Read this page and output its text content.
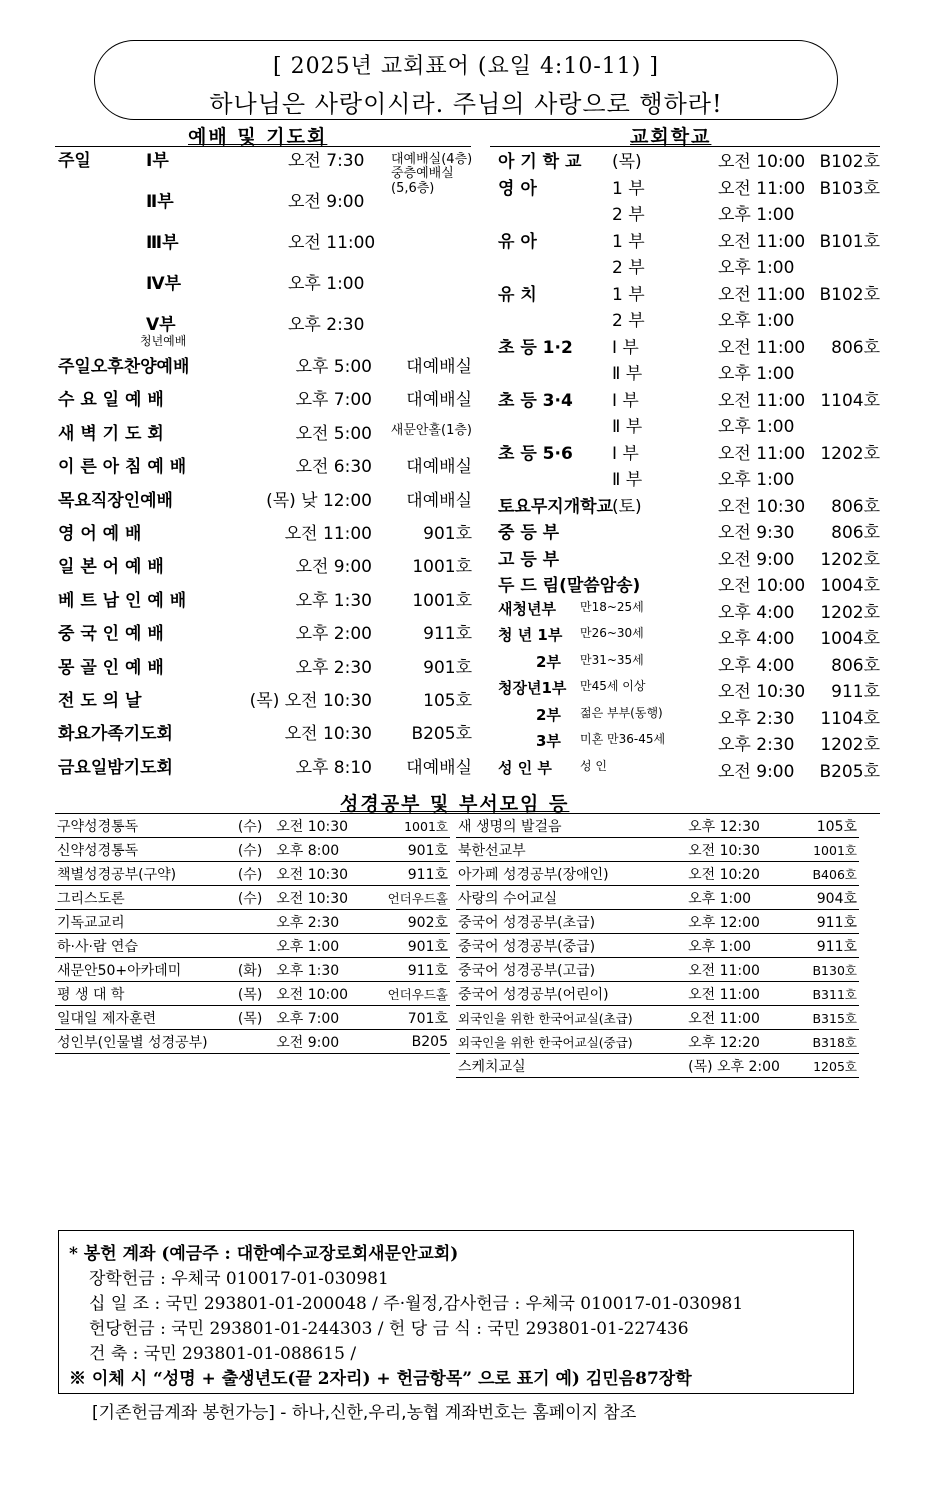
[ 2025년 교회표어 (요일 4:10-11) ]
하나님은 사랑이시라. 주님의 사랑으로 행하라!
예배 및 기도회
주일	Ⅰ부	오전 7:30 대예배실(4층)
중층예배실 (5,6층)
Ⅱ부	오전 9:00
Ⅲ부	오전 11:00
Ⅳ부	오후 1:00
Ⅴ부	오후 2:30
청년예배
주일오후찬양예배	오후 5:00 대예배실
수 요 일 예 배	오후 7:00 대예배실
새 벽 기 도 회	오전 5:00 새문안홀(1층)
이 른 아 침 예 배	오전 6:30 대예배실
목요직장인예배	(목) 낮 12:00 대예배실
영 어 예 배	오전 11:00	901호
일 본 어 예 배	오전 9:00 1001호
베 트 남 인 예 배	오후 1:30 1001호
중 국 인 예 배	오후 2:00	911호
몽 골 인 예 배	오후 2:30	901호
전 도 의 날	(목) 오전 10:30	105호
화요가족기도회	오전 10:30 B205호
금요일밤기도회	오후 8:10 대예배실
교회학교
아 기 학 교 (목)	오전 10:00 B102호
영 아	1 부	오전 11:00 B103호
2 부	오후 1:00
유 아	1 부	오전 11:00 B101호
2 부	오후 1:00
유 치	1 부	오전 11:00 B102호
2 부	오후 1:00
초 등 1·2 Ⅰ 부	오전 11:00 806호
Ⅱ 부	오후 1:00
초 등 3·4 Ⅰ 부	오전 11:00 1104호
Ⅱ 부	오후 1:00
초 등 5·6 Ⅰ 부	오전 11:00 1202호
Ⅱ 부	오후 1:00
토요무지개학교 (토)	오전 10:30 806호
중 등 부	오전 9:30 806호
고 등 부	오전 9:00 1202호
두 드 림(말씀암송)	오전 10:00 1004호
새청년부 만18~25세	오후 4:00 1202호
청 년 1부 만26~30세	오후 4:00 1004호
2부 만31~35세	오후 4:00 806호
청장년1부 만45세 이상	오전 10:30 911호
2부 젊은 부부(동행)	오후 2:30 1104호
3부 미혼 만36-45세	오후 2:30 1202호
성 인 부 성 인	오전 9:00 B205호
성경공부 및 부서모임 등
구약성경통독	(수)	오전 10:30	1001호
신약성경통독	(수)	오후 8:00	901호
책별성경공부(구약)	(수)	오전 10:30	911호
그리스도론	(수)	오전 10:30	언더우드홀
기독교교리		오후 2:30	902호
하·사·람 연습		오후 1:00	901호
새문안50+아카데미	(화)	오후 1:30	911호
평 생 대 학	(목)	오전 10:00	언더우드홀
일대일 제자훈련	(목)	오후 7:00	701호
성인부(인물별 성경공부)		오전 9:00	B205
새 생명의 발걸음		오후 12:30	105호
북한선교부		오전 10:30	1001호
아가페 성경공부(장애인)		오전 10:20	B406호
사랑의 수어교실		오후 1:00	904호
중국어 성경공부(초급)		오후 12:00	911호
중국어 성경공부(중급)		오후 1:00	911호
중국어 성경공부(고급)		오전 11:00	B130호
중국어 성경공부(어린이)		오전 11:00	B311호
외국인을 위한 한국어교실(초급)		오전 11:00	B315호
외국인을 위한 한국어교실(중급)		오후 12:20	B318호
스케치교실		(목) 오후 2:00	1205호
* 봉헌 계좌 (예금주 : 대한예수교장로회새문안교회)
장학헌금 : 우체국 010017-01-030981
십 일 조 : 국민 293801-01-200048 / 주·월정,감사헌금 : 우체국 010017-01-030981
헌당헌금 : 국민 293801-01-244303 / 헌 당 금 식 : 국민 293801-01-227436
건 축 : 국민 293801-01-088615 /
※ 이체 시 “성명 + 출생년도(끝 2자리) + 헌금항목” 으로 표기 예) 김민음87장학
[기존헌금계좌 봉헌가능] - 하나,신한,우리,농협 계좌번호는 홈페이지 참조
